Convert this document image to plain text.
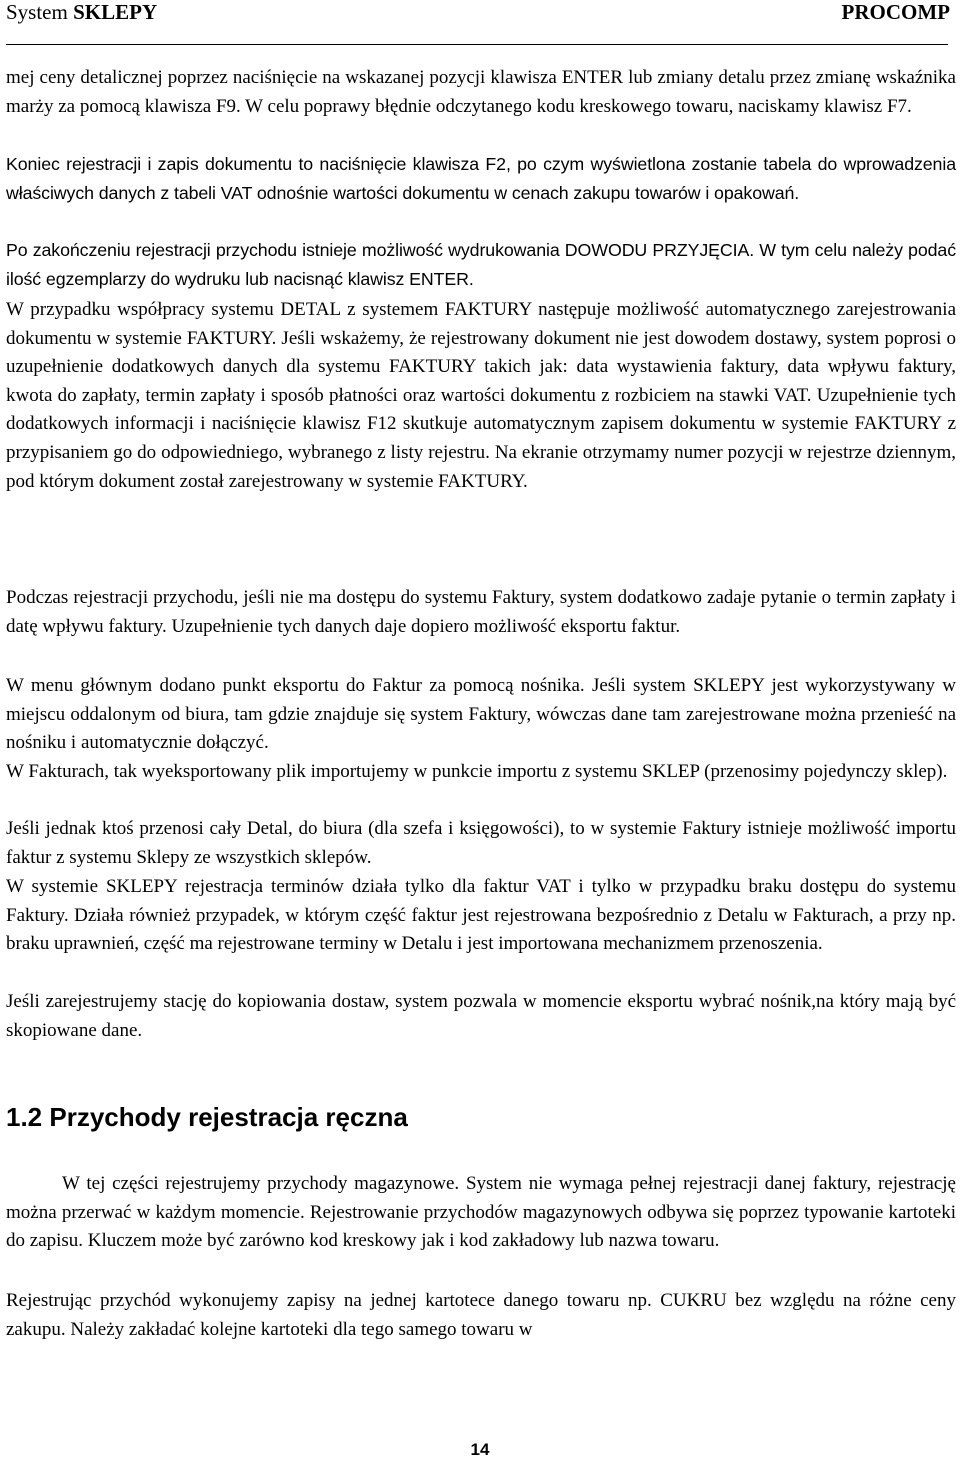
System SKLEPY	PROCOMP

mej ceny detalicznej poprzez naciśnięcie na wskazanej pozycji klawisza ENTER lub zmiany detalu przez zmianę wskaźnika marży za pomocą klawisza F9. W celu poprawy błędnie odczytanego kodu kreskowego towaru, naciskamy klawisz F7.

Koniec rejestracji i zapis dokumentu to naciśnięcie klawisza F2, po czym wyświetlona zostanie tabela do wprowadzenia właściwych danych z tabeli VAT odnośnie wartości dokumentu w cenach zakupu towarów i opakowań.

Po zakończeniu rejestracji przychodu istnieje możliwość wydrukowania DOWODU PRZYJĘCIA. W tym celu należy podać ilość egzemplarzy do wydruku lub nacisnąć klawisz ENTER.

W przypadku współpracy systemu DETAL z systemem FAKTURY następuje możliwość automatycznego zarejestrowania dokumentu w systemie FAKTURY. Jeśli wskażemy, że rejestrowany dokument nie jest dowodem dostawy, system poprosi o uzupełnienie dodatkowych danych dla systemu FAKTURY takich jak: data wystawienia faktury, data wpływu faktury, kwota do zapłaty, termin zapłaty i sposób płatności oraz wartości dokumentu z rozbiciem na stawki VAT. Uzupełnienie tych dodatkowych informacji i naciśnięcie klawisz F12 skutkuje automatycznym zapisem dokumentu w systemie FAKTURY z przypisaniem go do odpowiedniego, wybranego z listy rejestru. Na ekranie otrzymamy numer pozycji w rejestrze dziennym, pod którym dokument został zarejestrowany w systemie FAKTURY.

Podczas rejestracji przychodu, jeśli nie ma dostępu do systemu Faktury, system dodatkowo zadaje pytanie o termin zapłaty i datę wpływu faktury. Uzupełnienie tych danych daje dopiero możliwość eksportu faktur.

W menu głównym dodano punkt eksportu do Faktur za pomocą nośnika. Jeśli system SKLEPY jest wykorzystywany w miejscu oddalonym od biura, tam gdzie znajduje się system Faktury, wówczas dane tam zarejestrowane można przenieść na nośniku i automatycznie dołączyć.

W Fakturach, tak wyeksportowany plik importujemy w punkcie importu z systemu SKLEP (przenosimy pojedynczy sklep).

Jeśli jednak ktoś przenosi cały Detal, do biura (dla szefa i księgowości), to w systemie Faktury istnieje możliwość importu faktur z systemu Sklepy ze wszystkich sklepów.

W systemie SKLEPY rejestracja terminów działa tylko dla faktur VAT i tylko w przypadku braku dostępu do systemu Faktury. Działa również przypadek, w którym część faktur jest rejestrowana bezpośrednio z Detalu w Fakturach, a przy np. braku uprawnień, część ma rejestrowane terminy w Detalu i jest importowana mechanizmem przenoszenia.

Jeśli zarejestrujemy stację do kopiowania dostaw, system pozwala w momencie eksportu wybrać nośnik,na który mają być skopiowane dane.

1.2 Przychody rejestracja ręczna

W tej części rejestrujemy przychody magazynowe. System nie wymaga pełnej rejestracji danej faktury, rejestrację można przerwać w każdym momencie. Rejestrowanie przychodów magazynowych odbywa się poprzez typowanie kartoteki do zapisu. Kluczem może być zarówno kod kreskowy jak i kod zakładowy lub nazwa towaru.

Rejestrując przychód wykonujemy zapisy na jednej kartotece danego towaru np. CUKRU bez względu na różne ceny zakupu. Należy zakładać kolejne kartoteki dla tego samego towaru w

14
